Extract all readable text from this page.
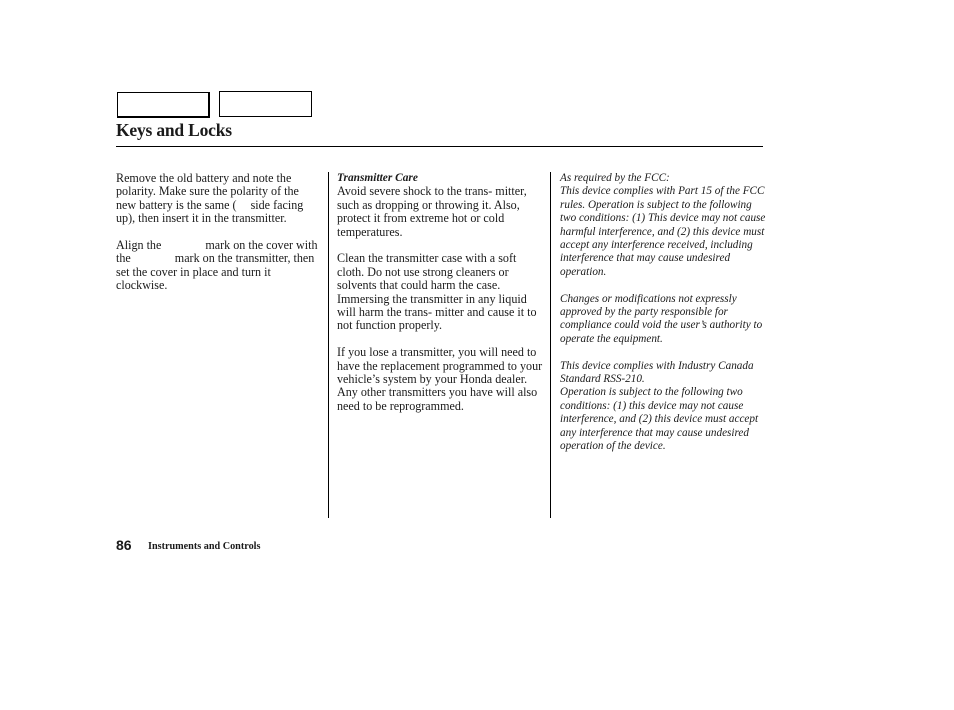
Keys and Locks

Remove the old battery and note the polarity. Make sure the polarity of the new battery is the same ( side facing up), then insert it in the transmitter.

Align the	mark on the cover with the	mark on the transmitter, then set the cover in place and turn it clockwise.

Transmitter Care

Avoid severe shock to the trans- mitter, such as dropping or throwing it. Also, protect it from extreme hot or cold temperatures.

Clean the transmitter case with a soft cloth. Do not use strong cleaners or solvents that could harm the case. Immersing the transmitter in any liquid will harm the trans- mitter and cause it to not function properly.

If you lose a transmitter, you will need to have the replacement programmed to your vehicle’s system by your Honda dealer. Any other transmitters you have will also need to be reprogrammed.

As required by the FCC:
This device complies with Part 15 of the FCC rules. Operation is subject to the following two conditions: (1) This device may not cause harmful interference, and (2) this device must accept any interference received, including interference that may cause undesired operation.

Changes or modifications not expressly approved by the party responsible for compliance could void the user’s authority to operate the equipment.

This device complies with Industry Canada Standard RSS-210.
Operation is subject to the following two conditions: (1) this device may not cause interference, and (2) this device must accept any interference that may cause undesired operation of the device.

86 Instruments and Controls
